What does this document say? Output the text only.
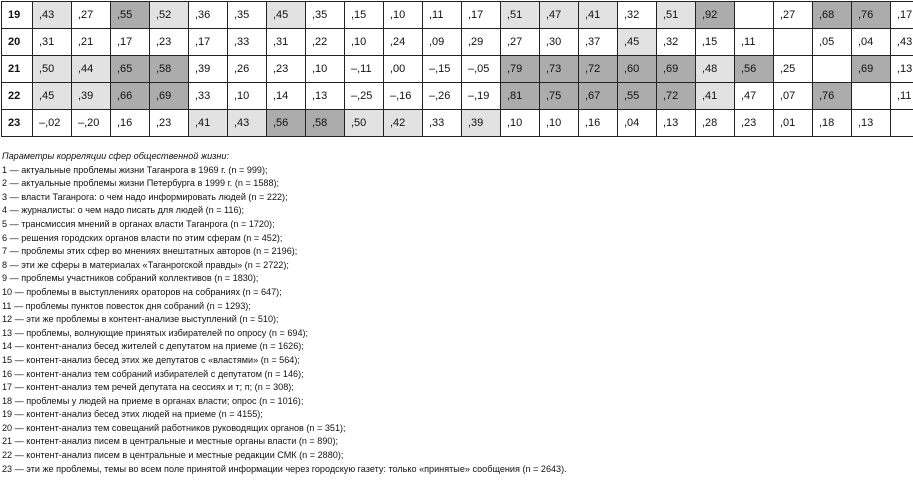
19	,43	,27	,55	,52	,36	,35	,45	,35	,15	,10	,11	,17	,51	,47	,41	,32	,51	,92		,27	,68	,76	,17
20	,31	,21	,17	,23	,17	,33	,31	,22	,10	,24	,09	,29	,27	,30	,37	,45	,32	,15	,11		,05	,04	,43
21	,50	,44	,65	,58	,39	,26	,23	,10	–,11	,00	–,15	–,05	,79	,73	,72	,60	,69	,48	,56	,25		,69	,13
22	,45	,39	,66	,69	,33	,10	,14	,13	–,25	–,16	–,26	–,19	,81	,75	,67	,55	,72	,41	,47	,07	,76		,11
23	–,02	–,20	,16	,23	,41	,43	,56	,58	,50	,42	,33	,39	,10	,10	,16	,04	,13	,28	,23	,01	,18	,13	
Параметры корреляции сфер общественной жизни:
1 — актуальные проблемы жизни Таганрога в 1969 г. (n = 999);
2 — актуальные проблемы жизни Петербурга в 1999 г. (n = 1588);
3 — власти Таганрога: о чем надо информировать людей (n = 222);
4 — журналисты: о чем надо писать для людей (n = 116);
5 — трансмиссия мнений в органах власти Таганрога (n = 1720);
6 — решения городских органов власти по этим сферам (n = 452);
7 — проблемы этих сфер во мнениях внештатных авторов (n = 2196);
8 — эти же сферы в материалах «Таганрогской правды» (n = 2722);
9 — проблемы участников собраний коллективов (n = 1830);
10 — проблемы в выступлениях ораторов на собраниях (n = 647);
11 — проблемы пунктов повесток дня собраний (n = 1293);
12 — эти же проблемы в контент-анализе выступлений (n = 510);
13 — проблемы, волнующие принятых избирателей по опросу (n = 694);
14 — контент-анализ бесед жителей с депутатом на приеме (n = 1626);
15 — контент-анализ бесед этих же депутатов с «властями» (n = 564);
16 — контент-анализ тем собраний избирателей с депутатом (n = 146);
17 — контент-анализ тем речей депутата на сессиях и т; п; (n = 308);
18 — проблемы у людей на приеме в органах власти; опрос (n = 1016);
19 — контент-анализ бесед этих людей на приеме (n = 4155);
20 — контент-анализ тем совещаний работников руководящих органов (n = 351);
21 — контент-анализ писем в центральные и местные органы власти (n = 890);
22 — контент-анализ писем в центральные и местные редакции СМК (n = 2880);
23 — эти же проблемы, темы во всем поле принятой информации через городскую газету: только «принятые» сообщения (n = 2643).
